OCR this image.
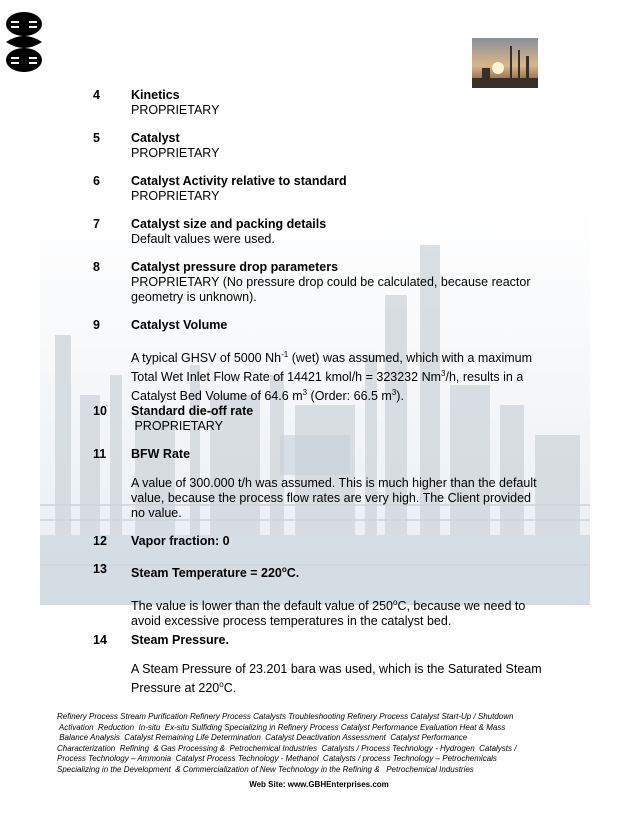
4 Kinetics
PROPRIETARY
5 Catalyst
PROPRIETARY
6 Catalyst Activity relative to standard
PROPRIETARY
7 Catalyst size and packing details
Default values were used.
8 Catalyst pressure drop parameters
PROPRIETARY (No pressure drop could be calculated, because reactor
geometry is unknown).
9 Catalyst Volume
A typical GHSV of 5000 $Nh^{-1}$ (wet) was assumed, which with a maximum
Total Wet Inlet Flow Rate of 14421 kmol/h = 323232 Nm$^3$/h, results in a
Catalyst Bed Volume of 64.6 $m^3$ (Order: 66.5 $m^3$).
10 Standard die-off rate
PROPRIETARY
11 BFW Rate
A value of 300.000 t/h was assumed. This is much higher than the default
value, because the process flow rates are very high. The Client provided
no value.
12 Vapor fraction: 0
13 Steam Temperature = $220^oC$.
The value is lower than the default value of 250$^o$C, because we need to
avoid excessive process temperatures in the catalyst bed.
14 Steam Pressure.
A Steam Pressure of 23.201 bara was used, which is the Saturated Steam
Pressure at 220$^o$C.
Refinery Process Stream Purification Refinery Process Catalysts Troubleshooting Refinery Process Catalyst Start-Up / Shutdown
Activation  Reduction  In-situ  Ex-situ Sulfiding Specializing in Refinery Process Catalyst Performance Evaluation Heat & Mass
Balance Analysis  Catalyst Remaining Life Determination  Catalyst Deactivation Assessment  Catalyst Performance
Characterization  Refining  & Gas Processing &  Petrochemical Industries  Catalysts / Process Technology - Hydrogen  Catalysts /
Process Technology – Ammonia  Catalyst Process Technology - Methanol  Catalysts / process Technology – Petrochemicals
Specializing in the Development  & Commercialization of New Technology in the Refining &   Petrochemical Industries
Web Site: www.GBHEnterprises.com
